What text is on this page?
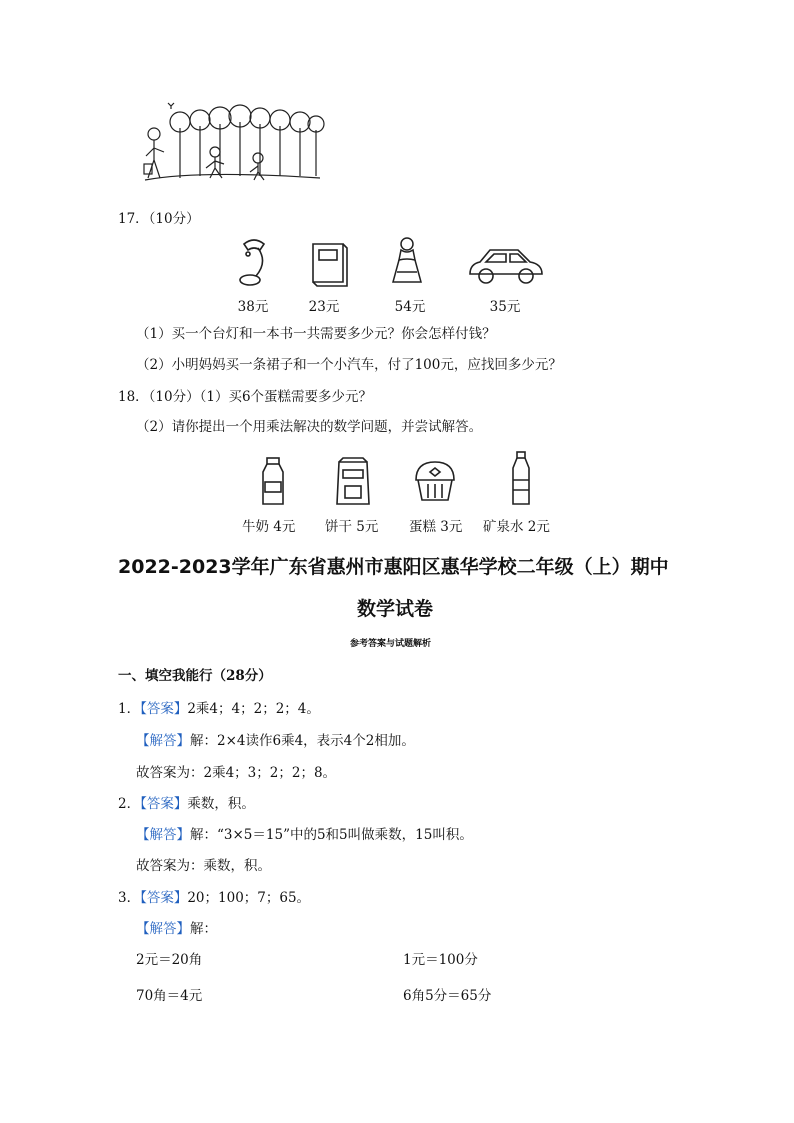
17．（10分）
38元	23元	54元	35元
（1）买一个台灯和一本书一共需要多少元？你会怎样付钱？
（2）小明妈妈买一条裙子和一个小汽车，付了100元，应找回多少元？
18．（10分）（1）买6个蛋糕需要多少元？
（2）请你提出一个用乘法解决的数学问题，并尝试解答。
牛奶 4元 饼干 5元 蛋糕 3元 矿泉水 2元
2022-2023学年广东省惠州市惠阳区惠华学校二年级（上）期中
数学试卷
参考答案与试题解析
一、填空我能行（28分）
1．【答案】2乘4；4；2；2；4。
【解答】解：2×4读作6乘4，表示4个2相加。
故答案为：2乘4；3；2；2；8。
2．【答案】乘数，积。
【解答】解：“3×5＝15”中的5和5叫做乘数，15叫积。
故答案为：乘数，积。
3．【答案】20；100；7；65。
【解答】解：
2元＝20角	1元＝100分
70角＝4元	6角5分＝65分
